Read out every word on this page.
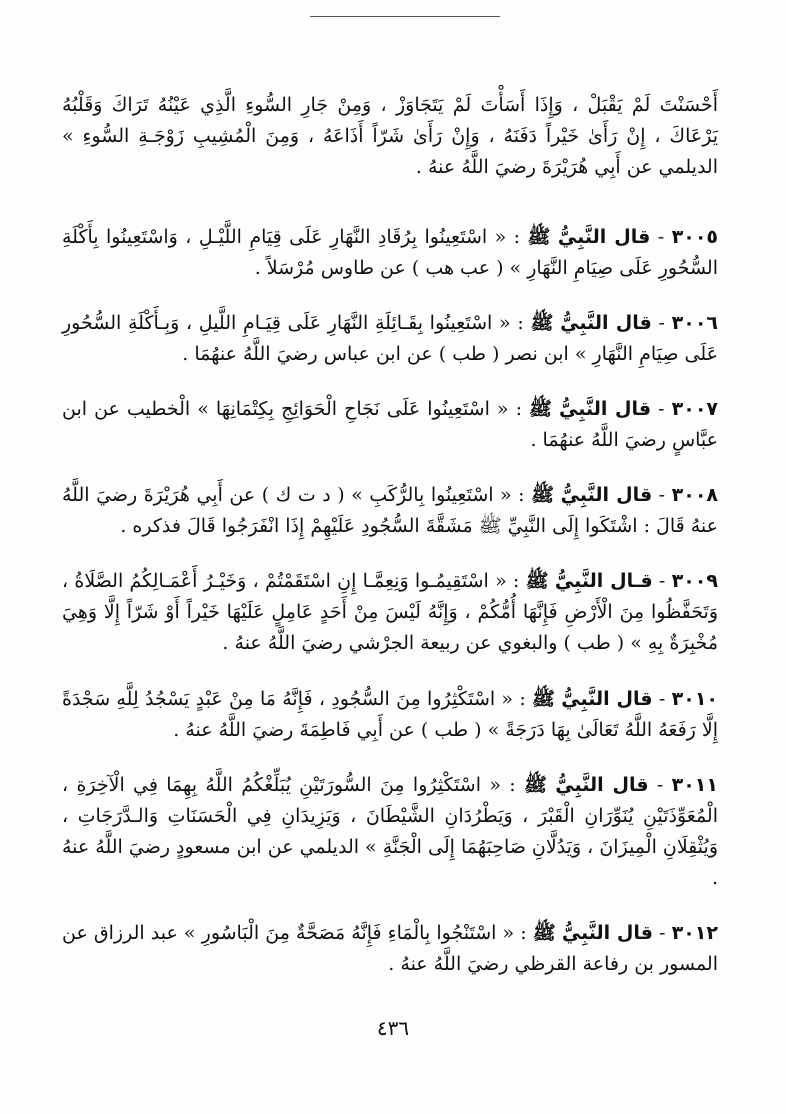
أَحْسَنْتَ لَمْ يَقْبَلْ ، وَإِذَا أَسَأْتَ لَمْ يَتَجَاوَزْ ، وَمِنْ جَارِ السُّوءِ الَّذِي عَيْنُهُ تَرَاكَ وَقَلْبُهُ يَرْعَاكَ ، إِنْ رَأَىٰ خَيْراً دَفَنَهُ ، وَإِنْ رَأَىٰ شَرّاً أَذَاعَهُ ، وَمِنَ الْمُشِيبِ زَوْجَـةِ السُّوءِ » الديلمي عن أَبِي هُرَيْرَةَ رضيَ اللَّهُ عنهُ .

٣٠٠٥ - قال النَّبِيُّ ﷺ : « اسْتَعِينُوا بِرُقَادِ النَّهَارِ عَلَى قِيَامِ اللَّيْـلِ ، وَاسْتَعِينُوا بِأَكْلَةِ السُّحُورِ عَلَى صِيَامِ النَّهَارِ » ( عب هب ) عن طاوس مُرْسَلاً .

٣٠٠٦ - قال النَّبِيُّ ﷺ : « اسْتَعِينُوا بِقَـائِلَةِ النَّهَارِ عَلَى قِيَـامِ اللَّيلِ ، وَبِـأَكْلَةِ السُّحُورِ عَلَى صِيَامِ النَّهَارِ » ابن نصر ( طب ) عن ابن عباس رضيَ اللَّهُ عنهُمَا .

٣٠٠٧ - قال النَّبِيُّ ﷺ : « اسْتَعِينُوا عَلَى نَجَاحِ الْحَوَائِجِ بِكِتْمَانِهَا » الْخطيب عن ابن عبَّاسٍ رضيَ اللَّهُ عنهُمَا .

٣٠٠٨ - قال النَّبِيُّ ﷺ : « اسْتَعِينُوا بِالرُّكَبِ » ( د ت ك ) عن أَبِي هُرَيْرَةَ رضيَ اللَّهُ عنهُ قَالَ : اشْتَكَوا إِلَى النَّبِيِّ ﷺ مَشَقَّةَ السُّجُودِ عَلَيْهِمْ إِذَا انْفَرَجُوا قَالَ فذكره .

٣٠٠٩ - قـال النَّبِيُّ ﷺ : « اسْتَقِيمُـوا وَنِعِمَّـا إِنِ اسْتَقَمْتُمْ ، وَخَيْـرُ أَعْمَـالِكُمُ الصَّلَاةُ ، وَتَحَفَّظُوا مِنَ الْأَرْضِ فَإِنَّهَا أُمُّكُمْ ، وَإِنَّهُ لَيْسَ مِنْ أَحَدٍ عَامِلٍ عَلَيْهَا خَيْراً أَوْ شَرّاً إِلَّا وَهِيَ مُخْبِرَةٌ بِهِ » ( طب ) والبغوي عن ربيعة الجرْشي رضيَ اللَّهُ عنهُ .

٣٠١٠ - قال النَّبِيُّ ﷺ : « اسْتَكْثِرُوا مِنَ السُّجُودِ ، فَإِنَّهُ مَا مِنْ عَبْدٍ يَسْجُدُ لِلَّهِ سَجْدَةً إِلَّا رَفَعَهُ اللَّهُ تَعَالَىٰ بِهَا دَرَجَةً » ( طب ) عن أَبِي فَاطِمَةَ رضيَ اللَّهُ عنهُ .

٣٠١١ - قال النَّبِيُّ ﷺ : « اسْتَكْثِرُوا مِنَ السُّورَتَيْنِ يُبَلِّغْكُمُ اللَّهُ بِهِمَا فِي الْآخِرَةِ ، الْمُعَوِّذَتَيْنِ يُنَوِّرَانِ الْقَبْرَ ، وَيَطْرُدَانِ الشَّيْطَانَ ، وَيَزِيدَانِ فِي الْحَسَنَاتِ وَالـدَّرَجَاتِ ، وَيُثْقِلَانِ الْمِيزَانَ ، وَيَدُلَّانِ صَاحِبَهُمَا إِلَى الْجَنَّةِ » الديلمي عن ابن مسعودٍ رضيَ اللَّهُ عنهُ .

٣٠١٢ - قال النَّبِيُّ ﷺ : « اسْتَنْجُوا بِالْمَاءِ فَإِنَّهُ مَصَحَّةٌ مِنَ الْبَاسُورِ » عبد الرزاق عن المسور بن رفاعة القرظي رضيَ اللَّهُ عنهُ .

٤٣٦
